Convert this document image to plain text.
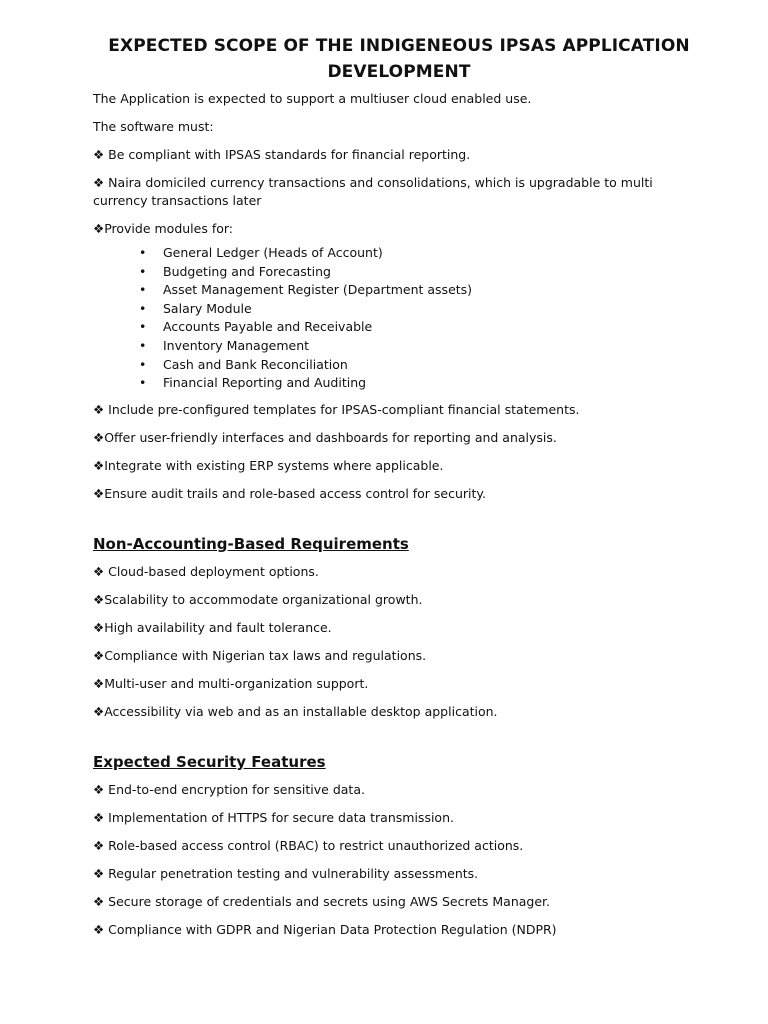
EXPECTED SCOPE OF THE INDIGENEOUS IPSAS APPLICATION DEVELOPMENT

The Application is expected to support a multiuser cloud enabled use.

The software must:

❖ Be compliant with IPSAS standards for financial reporting.

❖ Naira domiciled currency transactions and consolidations, which is upgradable to multi currency transactions later

❖Provide modules for:

• General Ledger (Heads of Account)
• Budgeting and Forecasting
• Asset Management Register (Department assets)
• Salary Module
• Accounts Payable and Receivable
• Inventory Management
• Cash and Bank Reconciliation
• Financial Reporting and Auditing

❖ Include pre-configured templates for IPSAS-compliant financial statements.

❖Offer user-friendly interfaces and dashboards for reporting and analysis.

❖Integrate with existing ERP systems where applicable.

❖Ensure audit trails and role-based access control for security.

Non-Accounting-Based Requirements

❖ Cloud-based deployment options.

❖Scalability to accommodate organizational growth.

❖High availability and fault tolerance.

❖Compliance with Nigerian tax laws and regulations.

❖Multi-user and multi-organization support.

❖Accessibility via web and as an installable desktop application.

Expected Security Features

❖ End-to-end encryption for sensitive data.

❖ Implementation of HTTPS for secure data transmission.

❖ Role-based access control (RBAC) to restrict unauthorized actions.

❖ Regular penetration testing and vulnerability assessments.

❖ Secure storage of credentials and secrets using AWS Secrets Manager.

❖ Compliance with GDPR and Nigerian Data Protection Regulation (NDPR)
